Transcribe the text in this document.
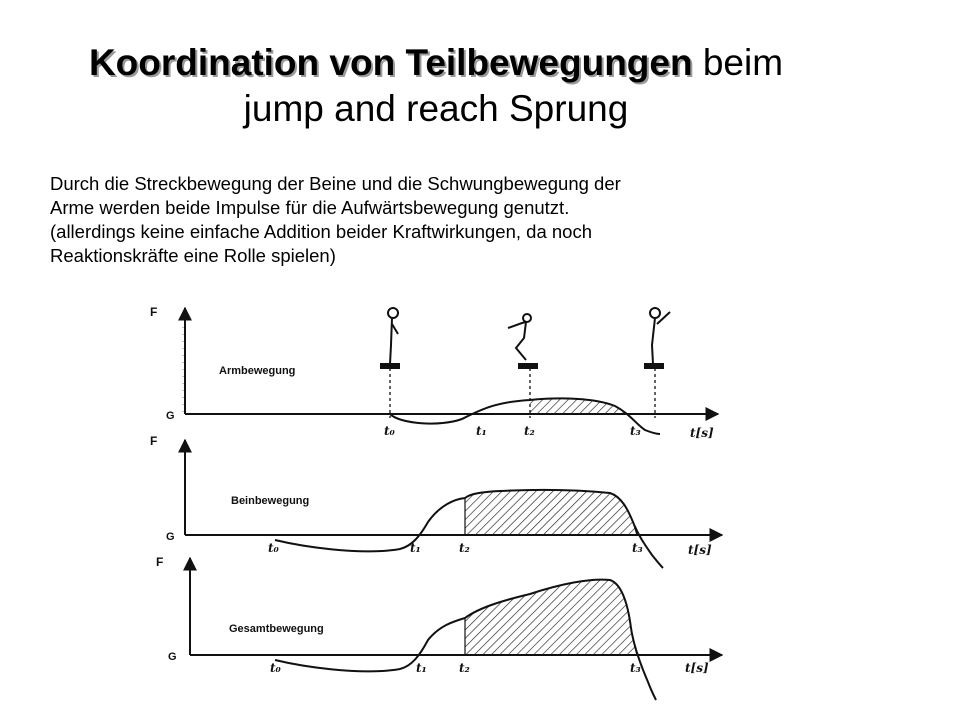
Koordination von Teilbewegungen beim
jump and reach Sprung

Durch die Streckbewegung der Beine und die Schwungbewegung der
Arme werden beide Impulse für die Aufwärtsbewegung genutzt.
(allerdings keine einfache Addition beider Kraftwirkungen, da noch
Reaktionskräfte eine Rolle spielen)

F
G
Armbewegung
t₀	t₁	t₂	t₃	t[s]
F
G
Beinbewegung
t₀	t₁	t₂	t₃	t[s]
F
G
Gesamtbewegung
t₀	t₁	t₂	t₃	t[s]
